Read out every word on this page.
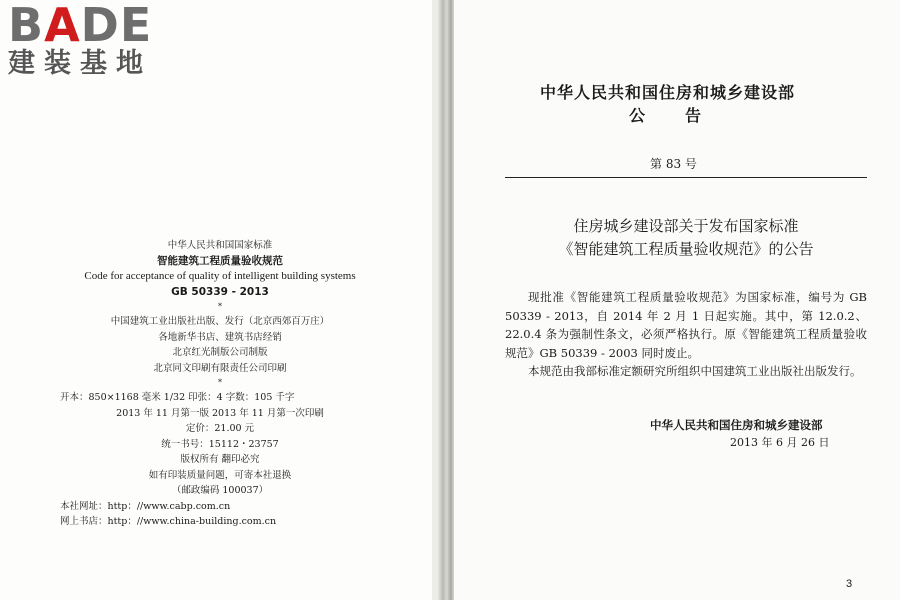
BADE
建装基地
中华人民共和国国家标准
智能建筑工程质量验收规范
Code for acceptance of quality of intelligent building systems
GB 50339 - 2013
*
中国建筑工业出版社出版、发行（北京西郊百万庄）
各地新华书店、建筑书店经销
北京红光制版公司制版
北京同文印刷有限责任公司印刷
*
开本：850×1168 毫米 1/32 印张：4 字数：105 千字
2013 年 11 月第一版 2013 年 11 月第一次印刷
定价：21.00 元
统一书号：15112・23757
版权所有 翻印必究
如有印装质量问题，可寄本社退换
（邮政编码 100037）
本社网址：http：//www.cabp.com.cn
网上书店：http：//www.china-building.com.cn
中华人民共和国住房和城乡建设部
公告
第 83 号
住房城乡建设部关于发布国家标准
《智能建筑工程质量验收规范》的公告

现批准《智能建筑工程质量验收规范》为国家标准，编号为 GB 50339 - 2013，自 2014 年 2 月 1 日起实施。其中，第 12.0.2、22.0.4 条为强制性条文，必须严格执行。原《智能建筑工程质量验收规范》GB 50339 - 2003 同时废止。

本规范由我部标准定额研究所组织中国建筑工业出版社出版发行。

中华人民共和国住房和城乡建设部
2013 年 6 月 26 日
3
